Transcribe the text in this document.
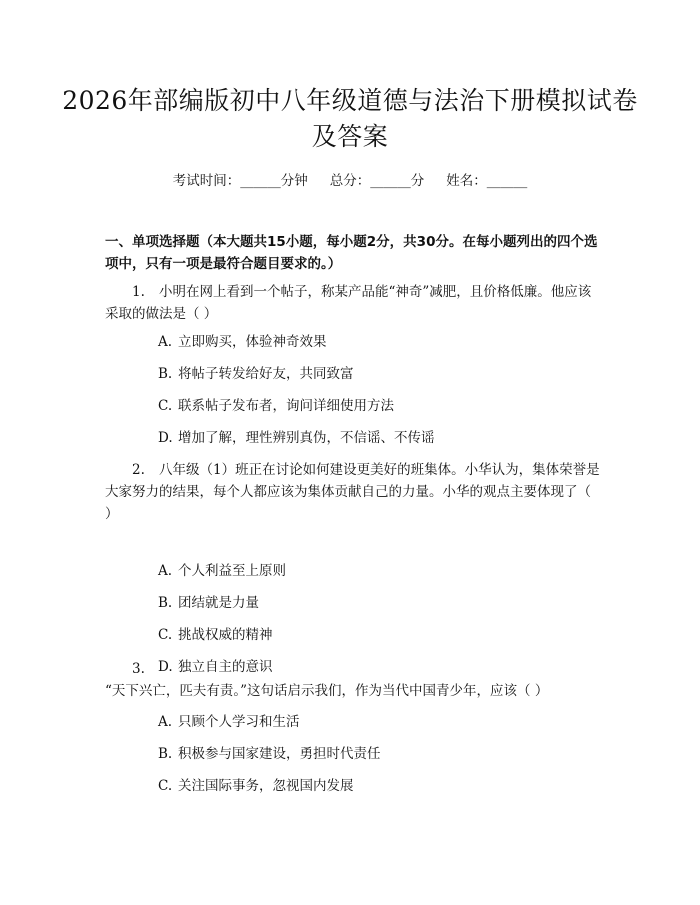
2026年部编版初中八年级道德与法治下册模拟试卷及答案
考试时间：______分钟 总分：______分 姓名：______
一、单项选择题（本大题共15小题，每小题2分，共30分。在每小题列出的四个选项中，只有一项是最符合题目要求的。）
1. 小明在网上看到一个帖子，称某产品能“神奇”减肥，且价格低廉。他应该采取的做法是（ ）
A. 立即购买，体验神奇效果
B. 将帖子转发给好友，共同致富
C. 联系帖子发布者，询问详细使用方法
D. 增加了解，理性辨别真伪，不信谣、不传谣
2. 八年级（1）班正在讨论如何建设更美好的班集体。小华认为，集体荣誉是大家努力的结果，每个人都应该为集体贡献自己的力量。小华的观点主要体现了（ ）
A. 个人利益至上原则
B. 团结就是力量
C. 挑战权威的精神
D. 独立自主的意识
3.“天下兴亡，匹夫有责。”这句话启示我们，作为当代中国青少年，应该（ ）
A. 只顾个人学习和生活
B. 积极参与国家建设，勇担时代责任
C. 关注国际事务，忽视国内发展
